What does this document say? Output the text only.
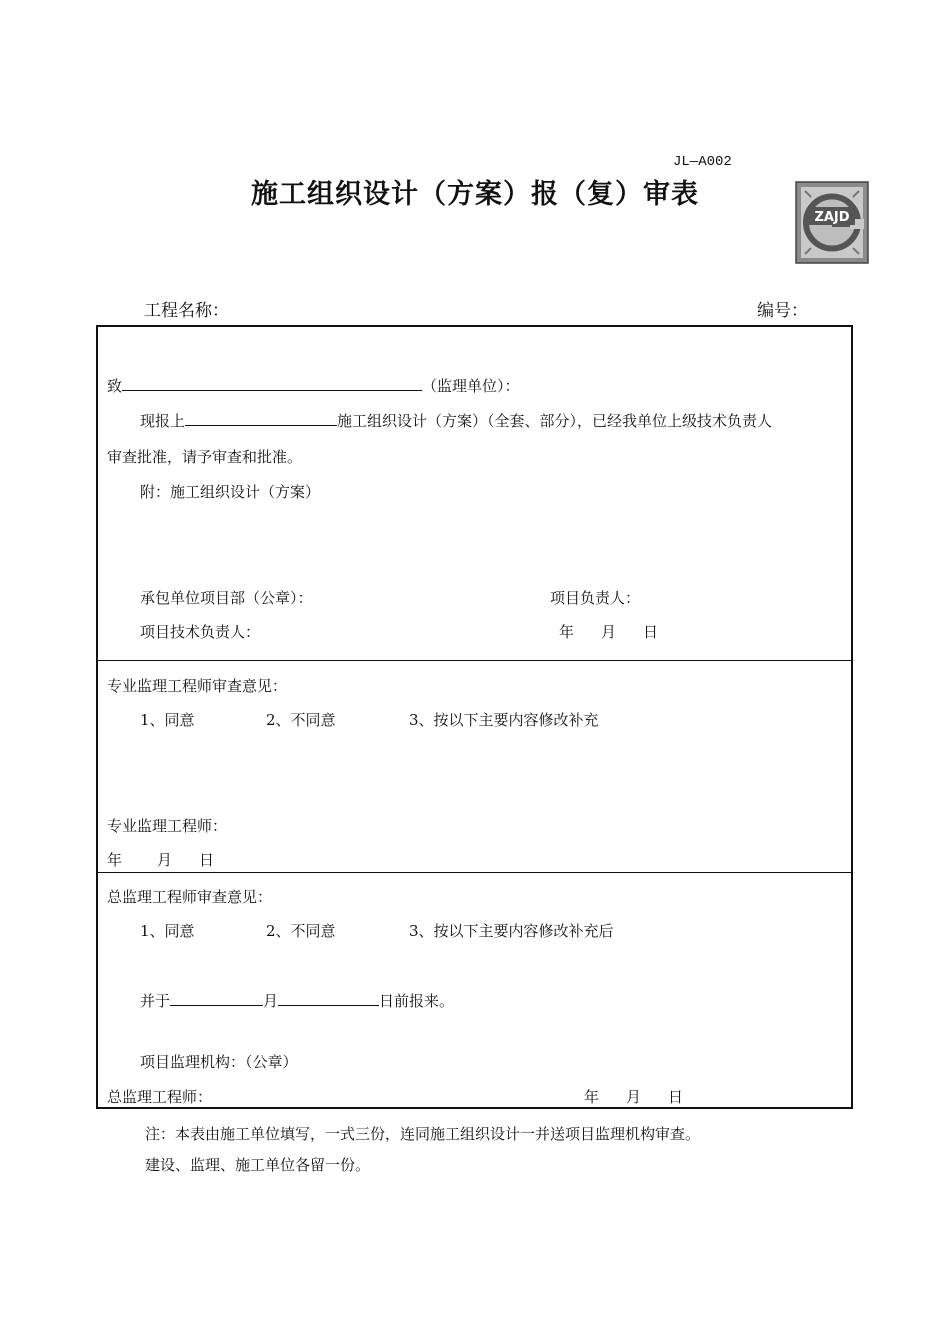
JL—A002
施工组织设计（方案）报（复）审表
ZAJD
工程名称：	编号：
致	（监理单位）：
现报上	施工组织设计（方案）（全套、部分），已经我单位上级技术负责人
审查批准，请予审查和批准。
附：施工组织设计（方案）
承包单位项目部（公章）：	项目负责人：
项目技术负责人：	年 月 日
专业监理工程师审查意见：
1、同意	2、不同意	3、按以下主要内容修改补充
专业监理工程师：
年 月 日
总监理工程师审查意见：
1、同意	2、不同意	3、按以下主要内容修改补充后
并于	月	日前报来。
项目监理机构：（公章）
总监理工程师：	年 月 日
注：本表由施工单位填写，一式三份，连同施工组织设计一并送项目监理机构审查。
建设、监理、施工单位各留一份。
